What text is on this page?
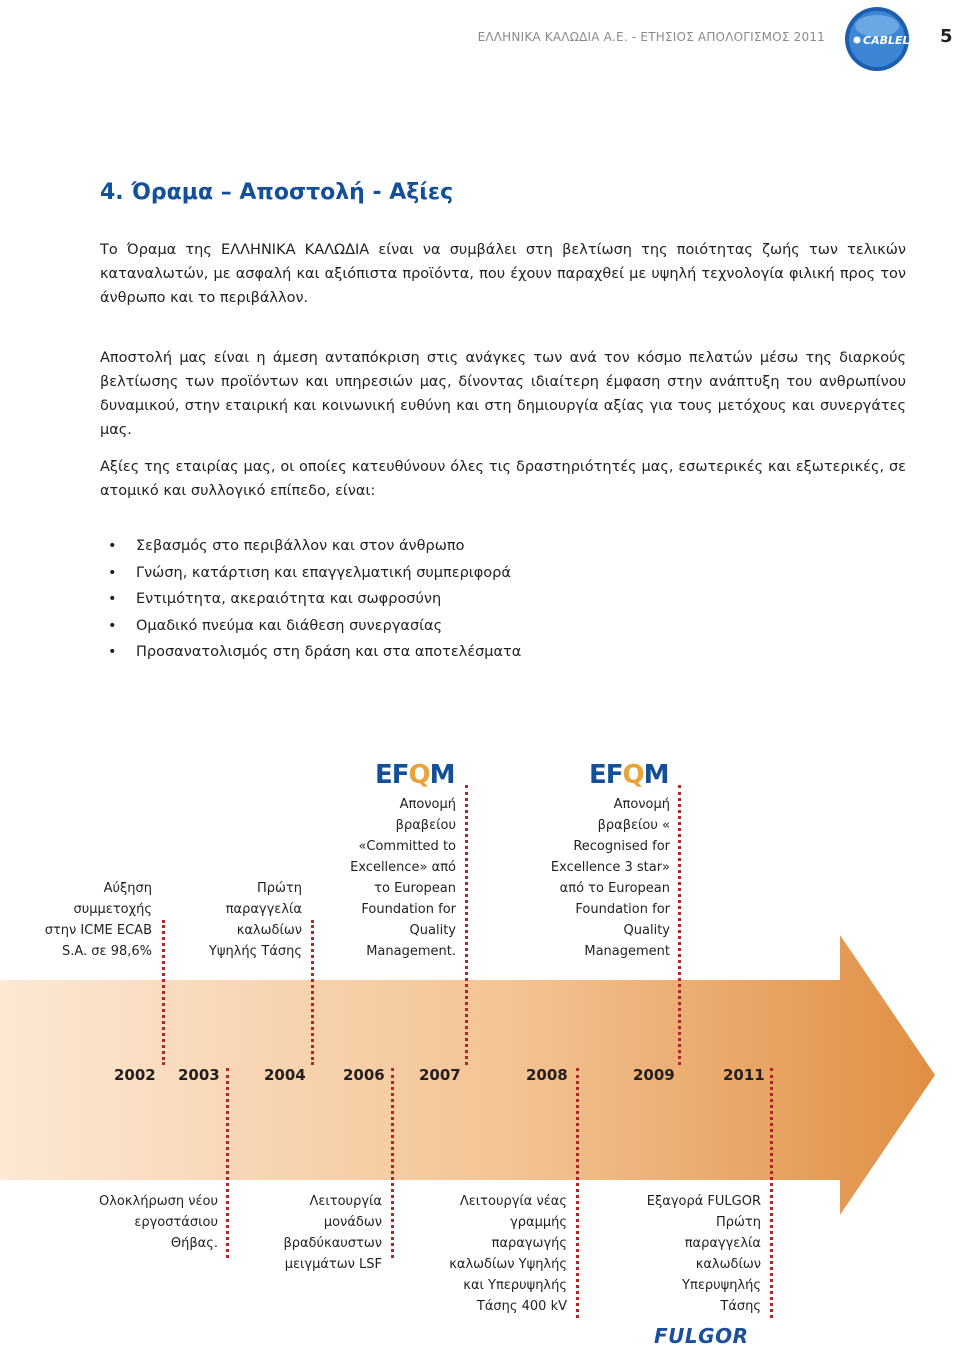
ΕΛΛΗΝΙΚΑ ΚΑΛΩΔΙΑ Α.Ε. - ΕΤΗΣΙΟΣ ΑΠΟΛΟΓΙΣΜΟΣ 2011	CABLEL 5
4. Όραμα – Αποστολή - Αξίες
Το Όραμα της ΕΛΛΗΝΙΚΑ ΚΑΛΩΔΙΑ είναι να συμβάλει στη βελτίωση της ποιότητας ζωής των τελικών καταναλωτών, με ασφαλή και αξιόπιστα προϊόντα, που έχουν παραχθεί με υψηλή τεχνολογία φιλική προς τον άνθρωπο και το περιβάλλον.
Αποστολή μας είναι η άμεση ανταπόκριση στις ανάγκες των ανά τον κόσμο πελατών μέσω της διαρκούς βελτίωσης των προϊόντων και υπηρεσιών μας, δίνοντας ιδιαίτερη έμφαση στην ανάπτυξη του ανθρωπίνου δυναμικού, στην εταιρική και κοινωνική ευθύνη και στη δημιουργία αξίας για τους μετόχους και συνεργάτες μας.
Αξίες της εταιρίας μας, οι οποίες κατευθύνουν όλες τις δραστηριότητές μας, εσωτερικές και εξωτερικές, σε ατομικό και συλλογικό επίπεδο, είναι:
• Σεβασμός στο περιβάλλον και στον άνθρωπο
• Γνώση, κατάρτιση και επαγγελματική συμπεριφορά
• Εντιμότητα, ακεραιότητα και σωφροσύνη
• Ομαδικό πνεύμα και διάθεση συνεργασίας
• Προσανατολισμός στη δράση και στα αποτελέσματα
2002 2003	2004 2006 2007	2008	2009	2011
EFQM	EFQM
Αύξηση
συμμετοχής
στην ICME ECAB
S.A. σε 98,6%
Πρώτη
παραγγελία
καλωδίων
Υψηλής Τάσης
Απονομή
βραβείου
«Committed to
Excellence» από
το European
Foundation for
Quality
Management.
Απονομή
βραβείου «
Recognised for
Excellence 3 star»
από το European
Foundation for
Quality
Management
Ολοκλήρωση νέου
εργοστάσιου
Θήβας.
Λειτουργία
μονάδων
βραδύκαυστων
μειγμάτων LSF
Λειτουργία νέας
γραμμής
παραγωγής
καλωδίων Υψηλής
και Υπερυψηλής
Τάσης 400 kV
Εξαγορά FULGOR
Πρώτη
παραγγελία
καλωδίων
Υπερυψηλής
Τάσης
FULGOR
